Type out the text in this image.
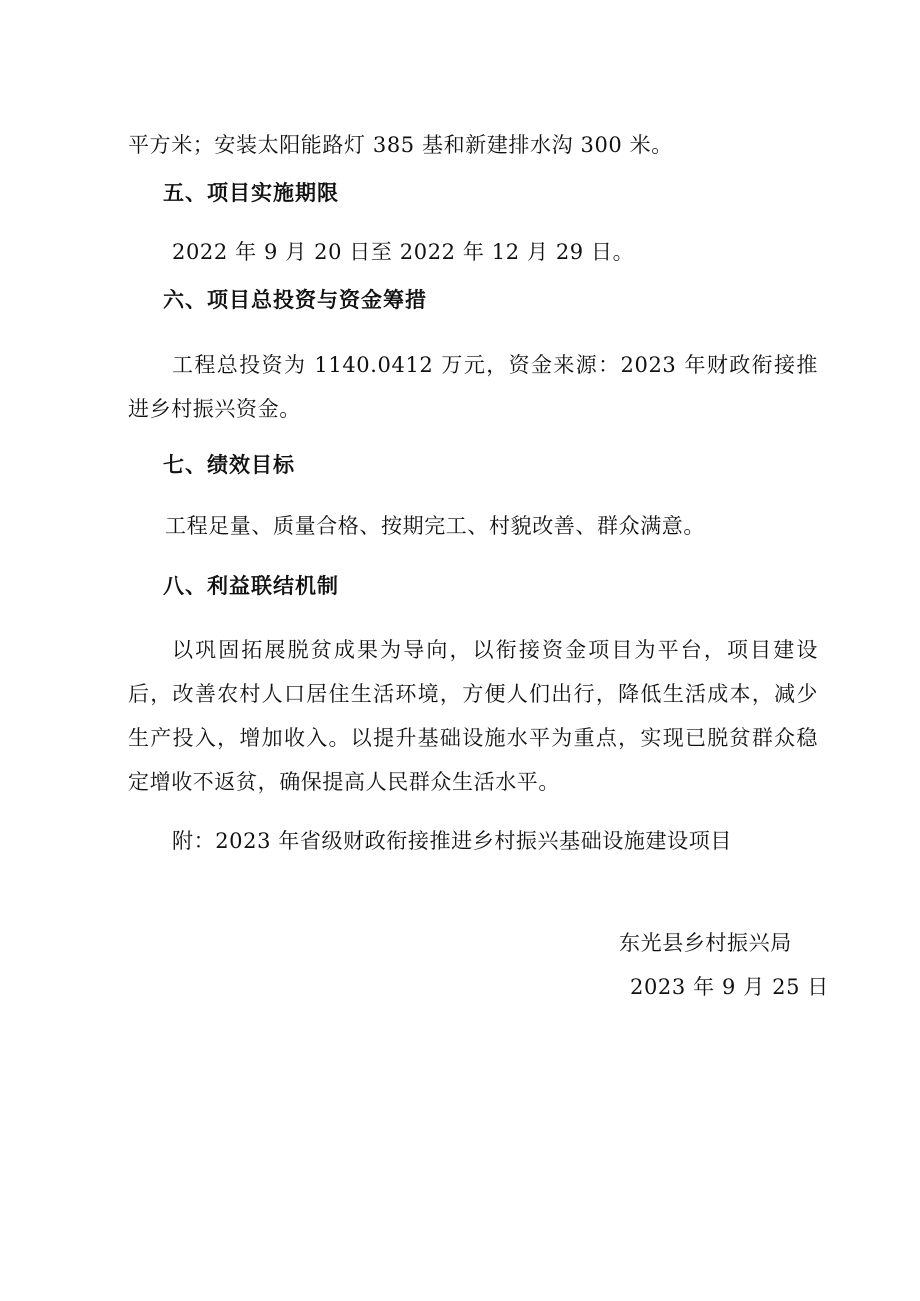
平方米；安装太阳能路灯 385 基和新建排水沟 300 米。
五、项目实施期限
2022 年 9 月 20 日至 2022 年 12 月 29 日。
六、项目总投资与资金筹措
工程总投资为 1140.0412 万元，资金来源：2023 年财政衔接推进乡村振兴资金。
七、绩效目标
工程足量、质量合格、按期完工、村貌改善、群众满意。
八、利益联结机制
以巩固拓展脱贫成果为导向，以衔接资金项目为平台，项目建设后，改善农村人口居住生活环境，方便人们出行，降低生活成本，减少生产投入，增加收入。以提升基础设施水平为重点，实现已脱贫群众稳定增收不返贫，确保提高人民群众生活水平。
附：2023 年省级财政衔接推进乡村振兴基础设施建设项目
东光县乡村振兴局
2023 年 9 月 25 日
